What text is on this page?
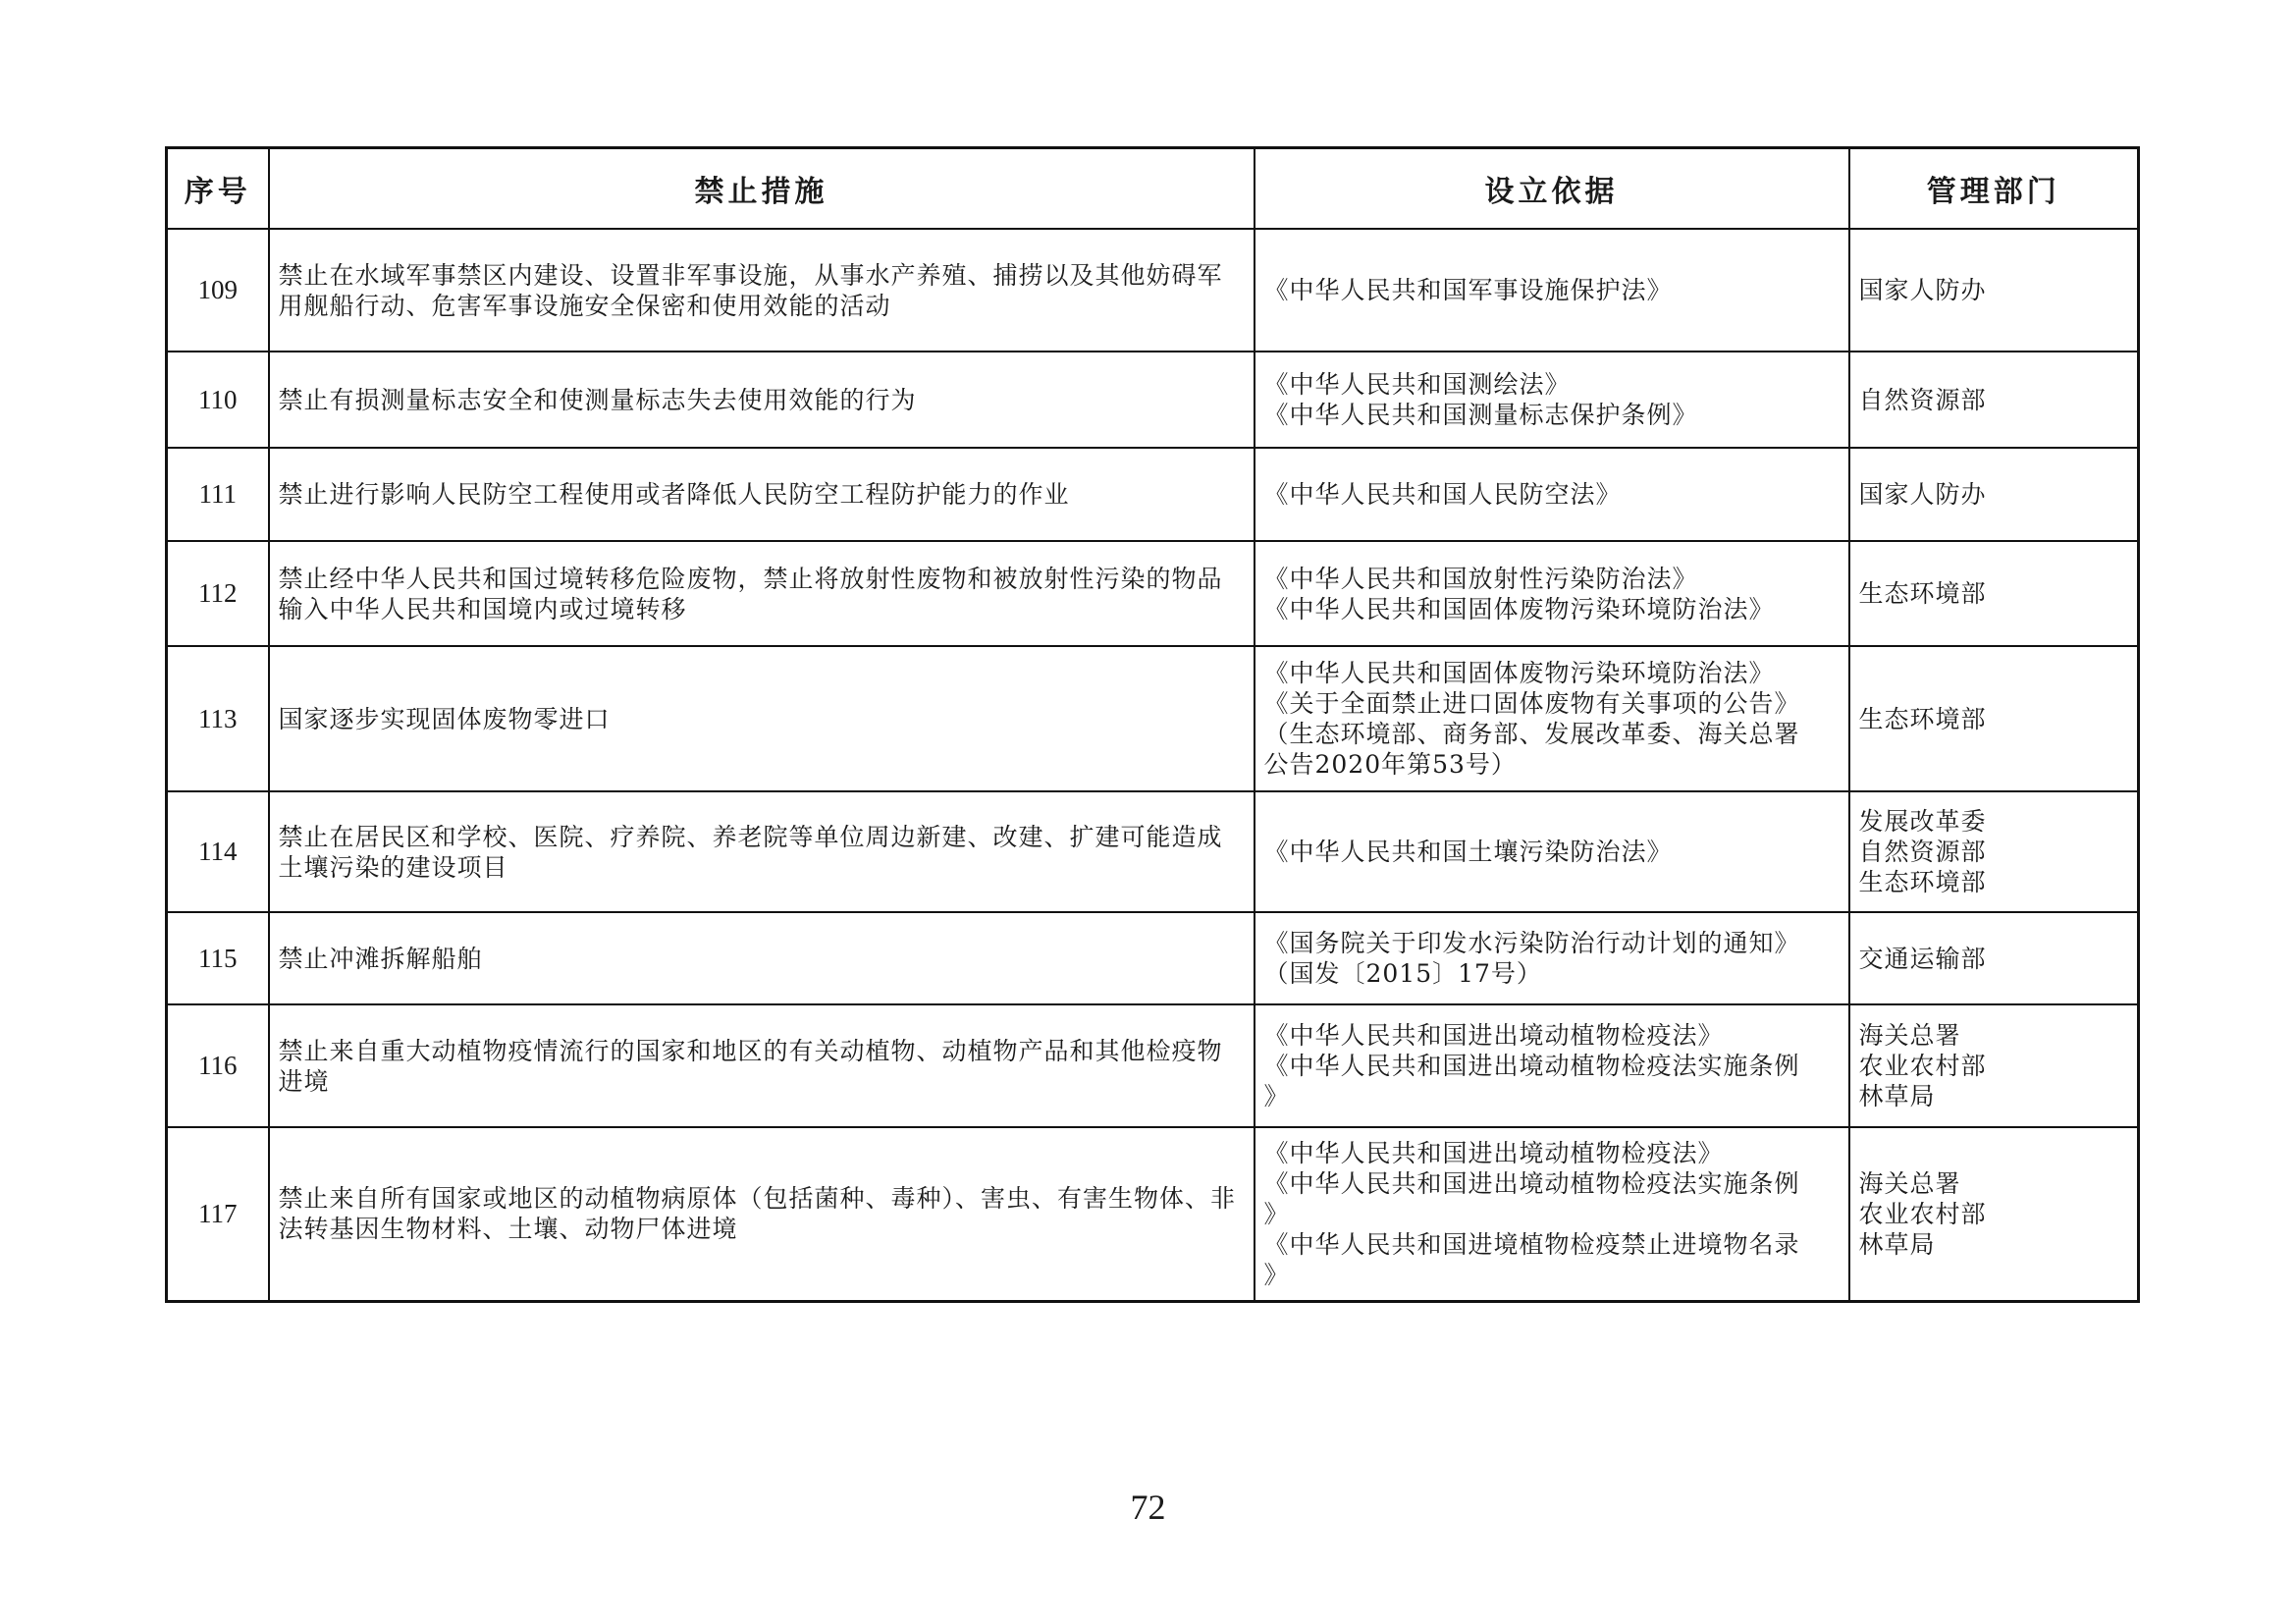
序号	禁止措施	设立依据	管理部门
109	禁止在水域军事禁区内建设、设置非军事设施，从事水产养殖、捕捞以及其他妨碍军用舰船行动、危害军事设施安全保密和使用效能的活动	《中华人民共和国军事设施保护法》	国家人防办

110	禁止有损测量标志安全和使测量标志失去使用效能的行为	《中华人民共和国测绘法》
《中华人民共和国测量标志保护条例》	自然资源部

111	禁止进行影响人民防空工程使用或者降低人民防空工程防护能力的作业	《中华人民共和国人民防空法》	国家人防办

112	禁止经中华人民共和国过境转移危险废物，禁止将放射性废物和被放射性污染的物品输入中华人民共和国境内或过境转移	《中华人民共和国放射性污染防治法》
《中华人民共和国固体废物污染环境防治法》	生态环境部

113	国家逐步实现固体废物零进口	《中华人民共和国固体废物污染环境防治法》
《关于全面禁止进口固体废物有关事项的公告》
（生态环境部、商务部、发展改革委、海关总署
公告2020年第53号）	生态环境部

114	禁止在居民区和学校、医院、疗养院、养老院等单位周边新建、改建、扩建可能造成土壤污染的建设项目	《中华人民共和国土壤污染防治法》	发展改革委
自然资源部
生态环境部

115	禁止冲滩拆解船舶	《国务院关于印发水污染防治行动计划的通知》
（国发〔2015〕17号）	交通运输部

116	禁止来自重大动植物疫情流行的国家和地区的有关动植物、动植物产品和其他检疫物进境	《中华人民共和国进出境动植物检疫法》
《中华人民共和国进出境动植物检疫法实施条例
》	海关总署
农业农村部
林草局

117	禁止来自所有国家或地区的动植物病原体（包括菌种、毒种）、害虫、有害生物体、非法转基因生物材料、土壤、动物尸体进境	《中华人民共和国进出境动植物检疫法》
《中华人民共和国进出境动植物检疫法实施条例
》
《中华人民共和国进境植物检疫禁止进境物名录
》	海关总署
农业农村部
林草局
72
